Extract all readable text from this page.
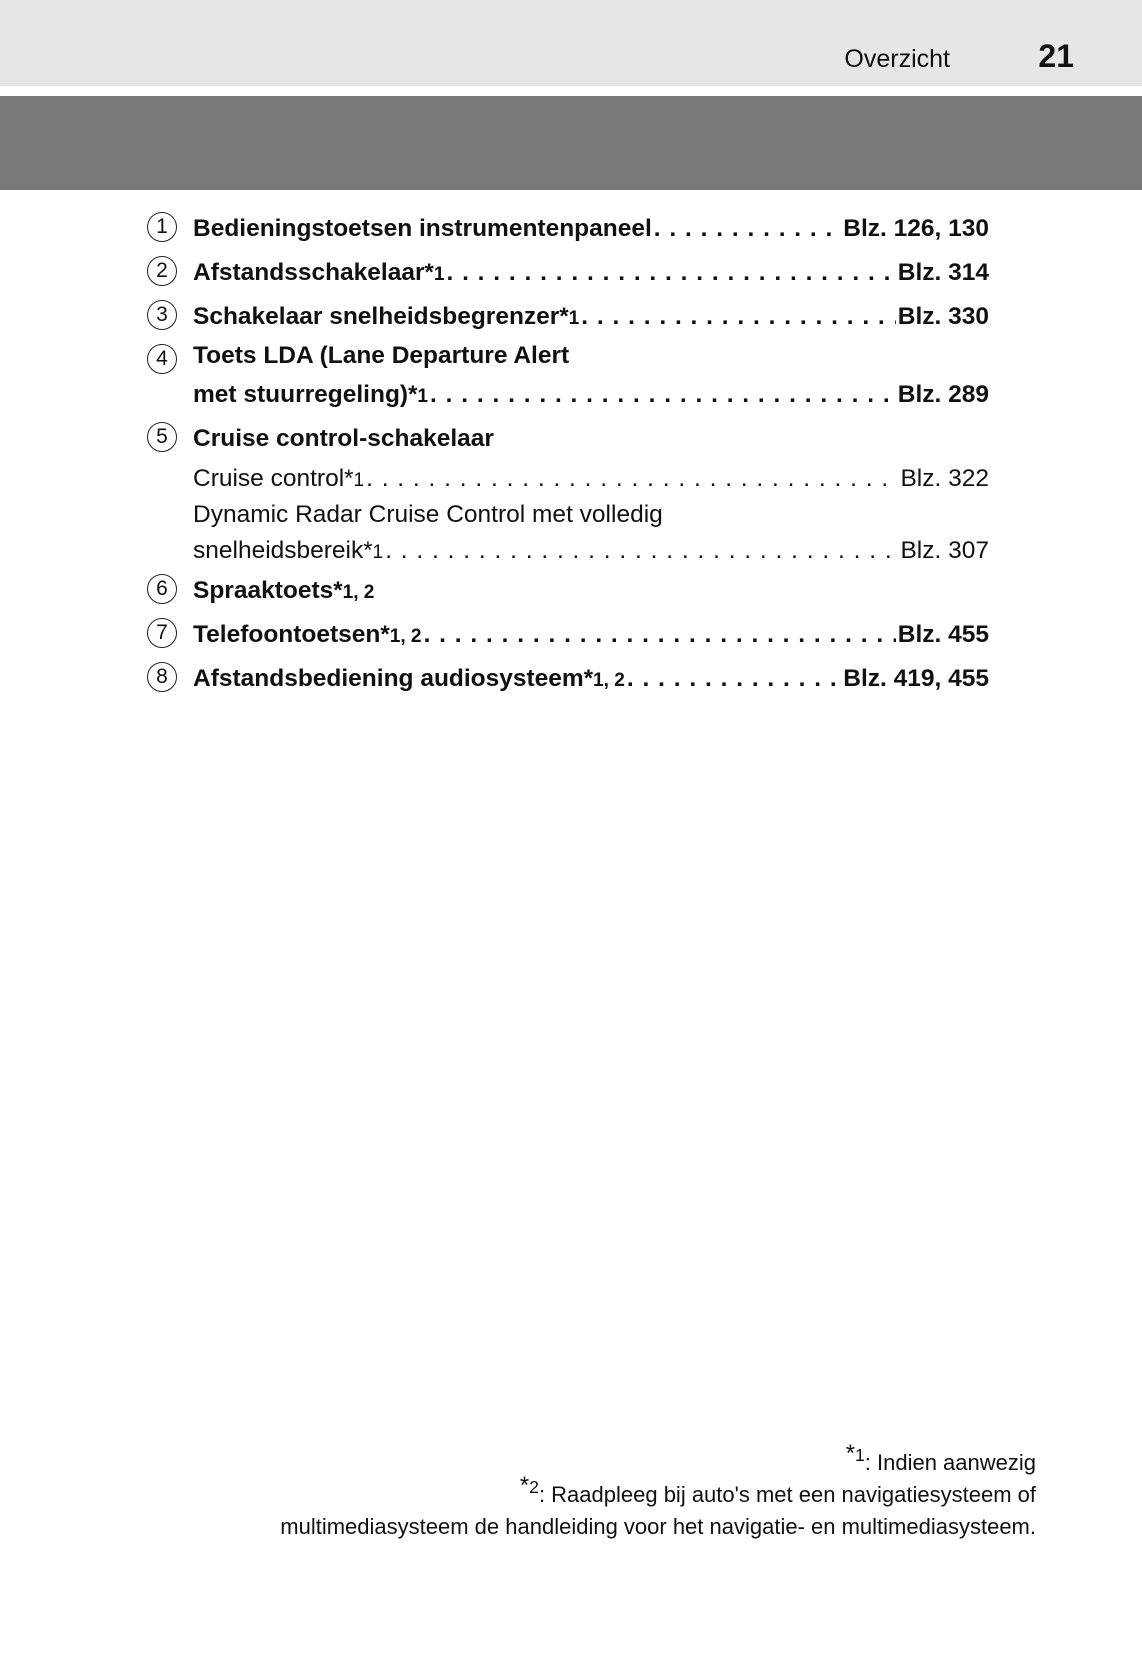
Overzicht	21
1	Bedieningstoetsen instrumentenpaneel . . .	Blz. 126, 130
2	Afstandsschakelaar *1 . . .	Blz. 314
3	Schakelaar snelheidsbegrenzer *1 . . .	Blz. 330
4	Toets LDA (Lane Departure Alert
met stuurregeling) *1 . . .	Blz. 289
5	Cruise control-schakelaar
Cruise control *1 . . .	Blz. 322
Dynamic Radar Cruise Control met volledig
snelheidsbereik *1 . . .	Blz. 307
6	Spraaktoets *1, 2
7	Telefoontoetsen *1, 2 . . .	Blz. 455
8	Afstandsbediening audiosysteem *1, 2 . . .	Blz. 419, 455
$^{*1}$: Indien aanwezig
$^{*2}$: Raadpleeg bij auto's met een navigatiesysteem of
multimediasysteem de handleiding voor het navigatie- en multimediasysteem.
